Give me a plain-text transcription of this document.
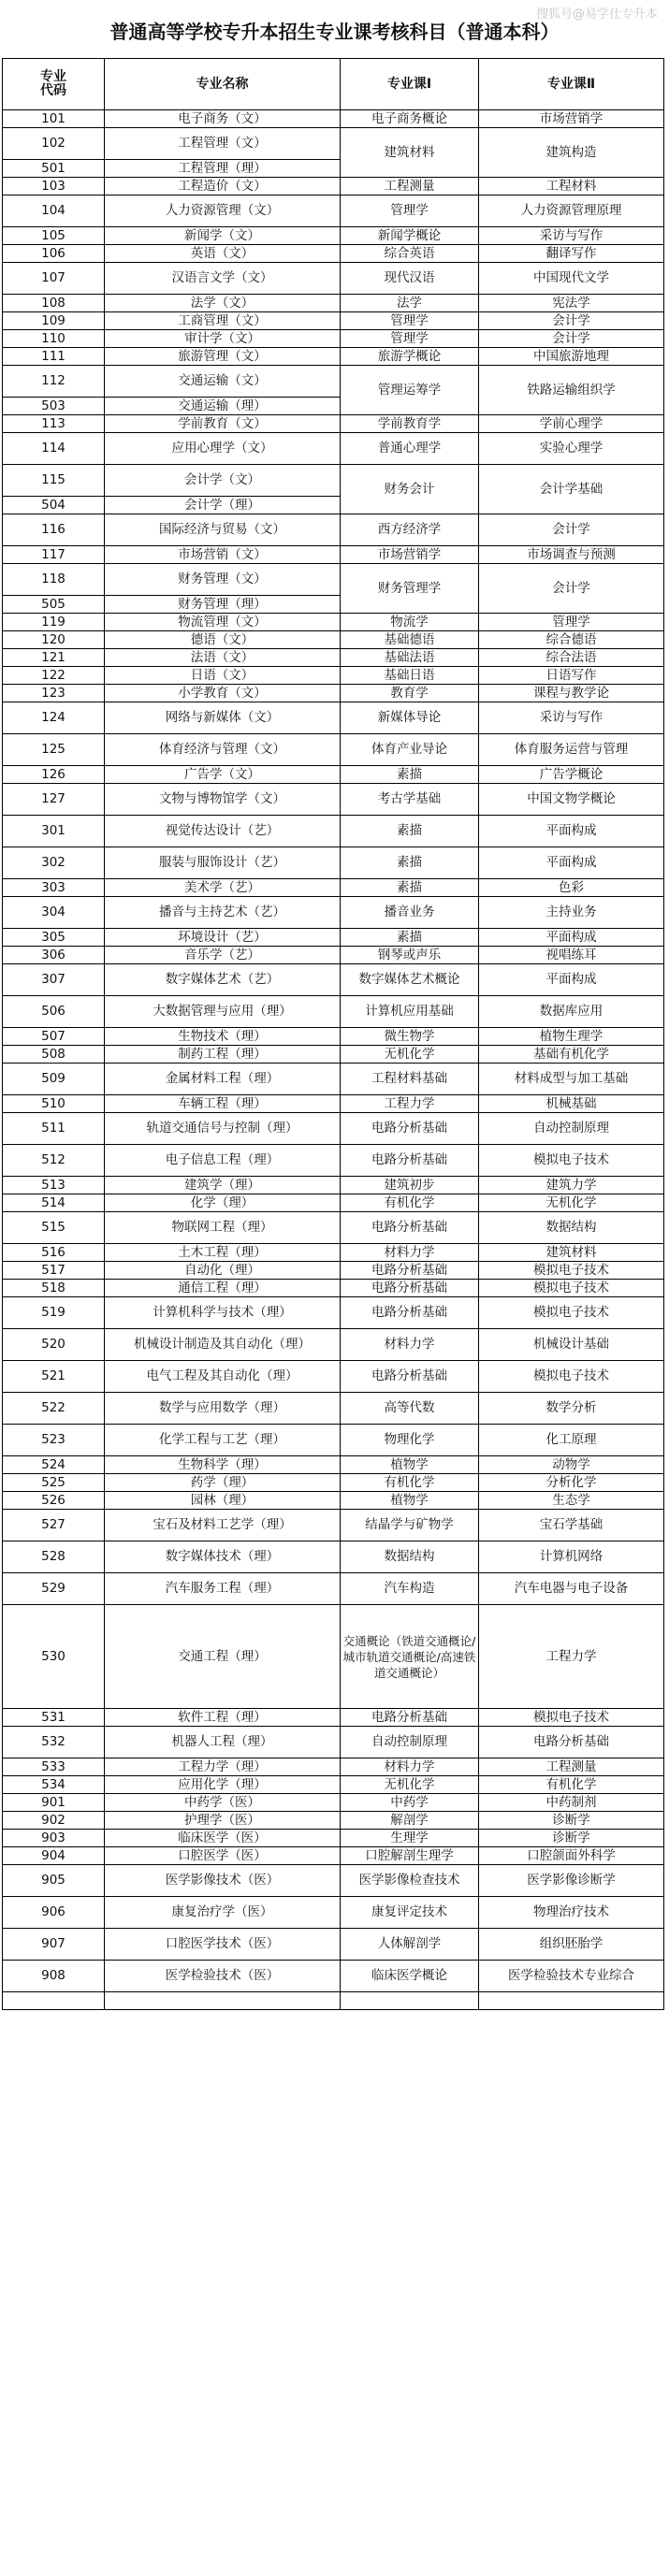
搜狐号@易学仕专升本
普通高等学校专升本招生专业课考核科目（普通本科）
专业
代码	专业名称	专业课Ⅰ	专业课Ⅱ
101	电子商务（文）	电子商务概论	市场营销学
102	工程管理（文）	建筑材料	建筑构造
501	工程管理（理）		
103	工程造价（文）	工程测量	工程材料
104	人力资源管理（文）	管理学	人力资源管理原理
105	新闻学（文）	新闻学概论	采访与写作
106	英语（文）	综合英语	翻译写作
107	汉语言文学（文）	现代汉语	中国现代文学
108	法学（文）	法学	宪法学
109	工商管理（文）	管理学	会计学
110	审计学（文）	管理学	会计学
111	旅游管理（文）	旅游学概论	中国旅游地理
112	交通运输（文）	管理运筹学	铁路运输组织学
503	交通运输（理）		
113	学前教育（文）	学前教育学	学前心理学
114	应用心理学（文）	普通心理学	实验心理学
115	会计学（文）	财务会计	会计学基础
504	会计学（理）		
116	国际经济与贸易（文）	西方经济学	会计学
117	市场营销（文）	市场营销学	市场调查与预测
118	财务管理（文）	财务管理学	会计学
505	财务管理（理）		
119	物流管理（文）	物流学	管理学
120	德语（文）	基础德语	综合德语
121	法语（文）	基础法语	综合法语
122	日语（文）	基础日语	日语写作
123	小学教育（文）	教育学	课程与教学论
124	网络与新媒体（文）	新媒体导论	采访与写作
125	体育经济与管理（文）	体育产业导论	体育服务运营与管理
126	广告学（文）	素描	广告学概论
127	文物与博物馆学（文）	考古学基础	中国文物学概论
301	视觉传达设计（艺）	素描	平面构成
302	服装与服饰设计（艺）	素描	平面构成
303	美术学（艺）	素描	色彩
304	播音与主持艺术（艺）	播音业务	主持业务
305	环境设计（艺）	素描	平面构成
306	音乐学（艺）	钢琴或声乐	视唱练耳
307	数字媒体艺术（艺）	数字媒体艺术概论	平面构成
506	大数据管理与应用（理）	计算机应用基础	数据库应用
507	生物技术（理）	微生物学	植物生理学
508	制药工程（理）	无机化学	基础有机化学
509	金属材料工程（理）	工程材料基础	材料成型与加工基础
510	车辆工程（理）	工程力学	机械基础
511	轨道交通信号与控制（理）	电路分析基础	自动控制原理
512	电子信息工程（理）	电路分析基础	模拟电子技术
513	建筑学（理）	建筑初步	建筑力学
514	化学（理）	有机化学	无机化学
515	物联网工程（理）	电路分析基础	数据结构
516	土木工程（理）	材料力学	建筑材料
517	自动化（理）	电路分析基础	模拟电子技术
518	通信工程（理）	电路分析基础	模拟电子技术
519	计算机科学与技术（理）	电路分析基础	模拟电子技术
520	机械设计制造及其自动化（理）	材料力学	机械设计基础
521	电气工程及其自动化（理）	电路分析基础	模拟电子技术
522	数学与应用数学（理）	高等代数	数学分析
523	化学工程与工艺（理）	物理化学	化工原理
524	生物科学（理）	植物学	动物学
525	药学（理）	有机化学	分析化学
526	园林（理）	植物学	生态学
527	宝石及材料工艺学（理）	结晶学与矿物学	宝石学基础
528	数字媒体技术（理）	数据结构	计算机网络
529	汽车服务工程（理）	汽车构造	汽车电器与电子设备
530	交通工程（理）	交通概论（铁道交通概论/城市轨道交通概论/高速铁道交通概论）	工程力学
531	软件工程（理）	电路分析基础	模拟电子技术
532	机器人工程（理）	自动控制原理	电路分析基础
533	工程力学（理）	材料力学	工程测量
534	应用化学（理）	无机化学	有机化学
901	中药学（医）	中药学	中药制剂
902	护理学（医）	解剖学	诊断学
903	临床医学（医）	生理学	诊断学
904	口腔医学（医）	口腔解剖生理学	口腔颌面外科学
905	医学影像技术（医）	医学影像检查技术	医学影像诊断学
906	康复治疗学（医）	康复评定技术	物理治疗技术
907	口腔医学技术（医）	人体解剖学	组织胚胎学
908	医学检验技术（医）	临床医学概论	医学检验技术专业综合
